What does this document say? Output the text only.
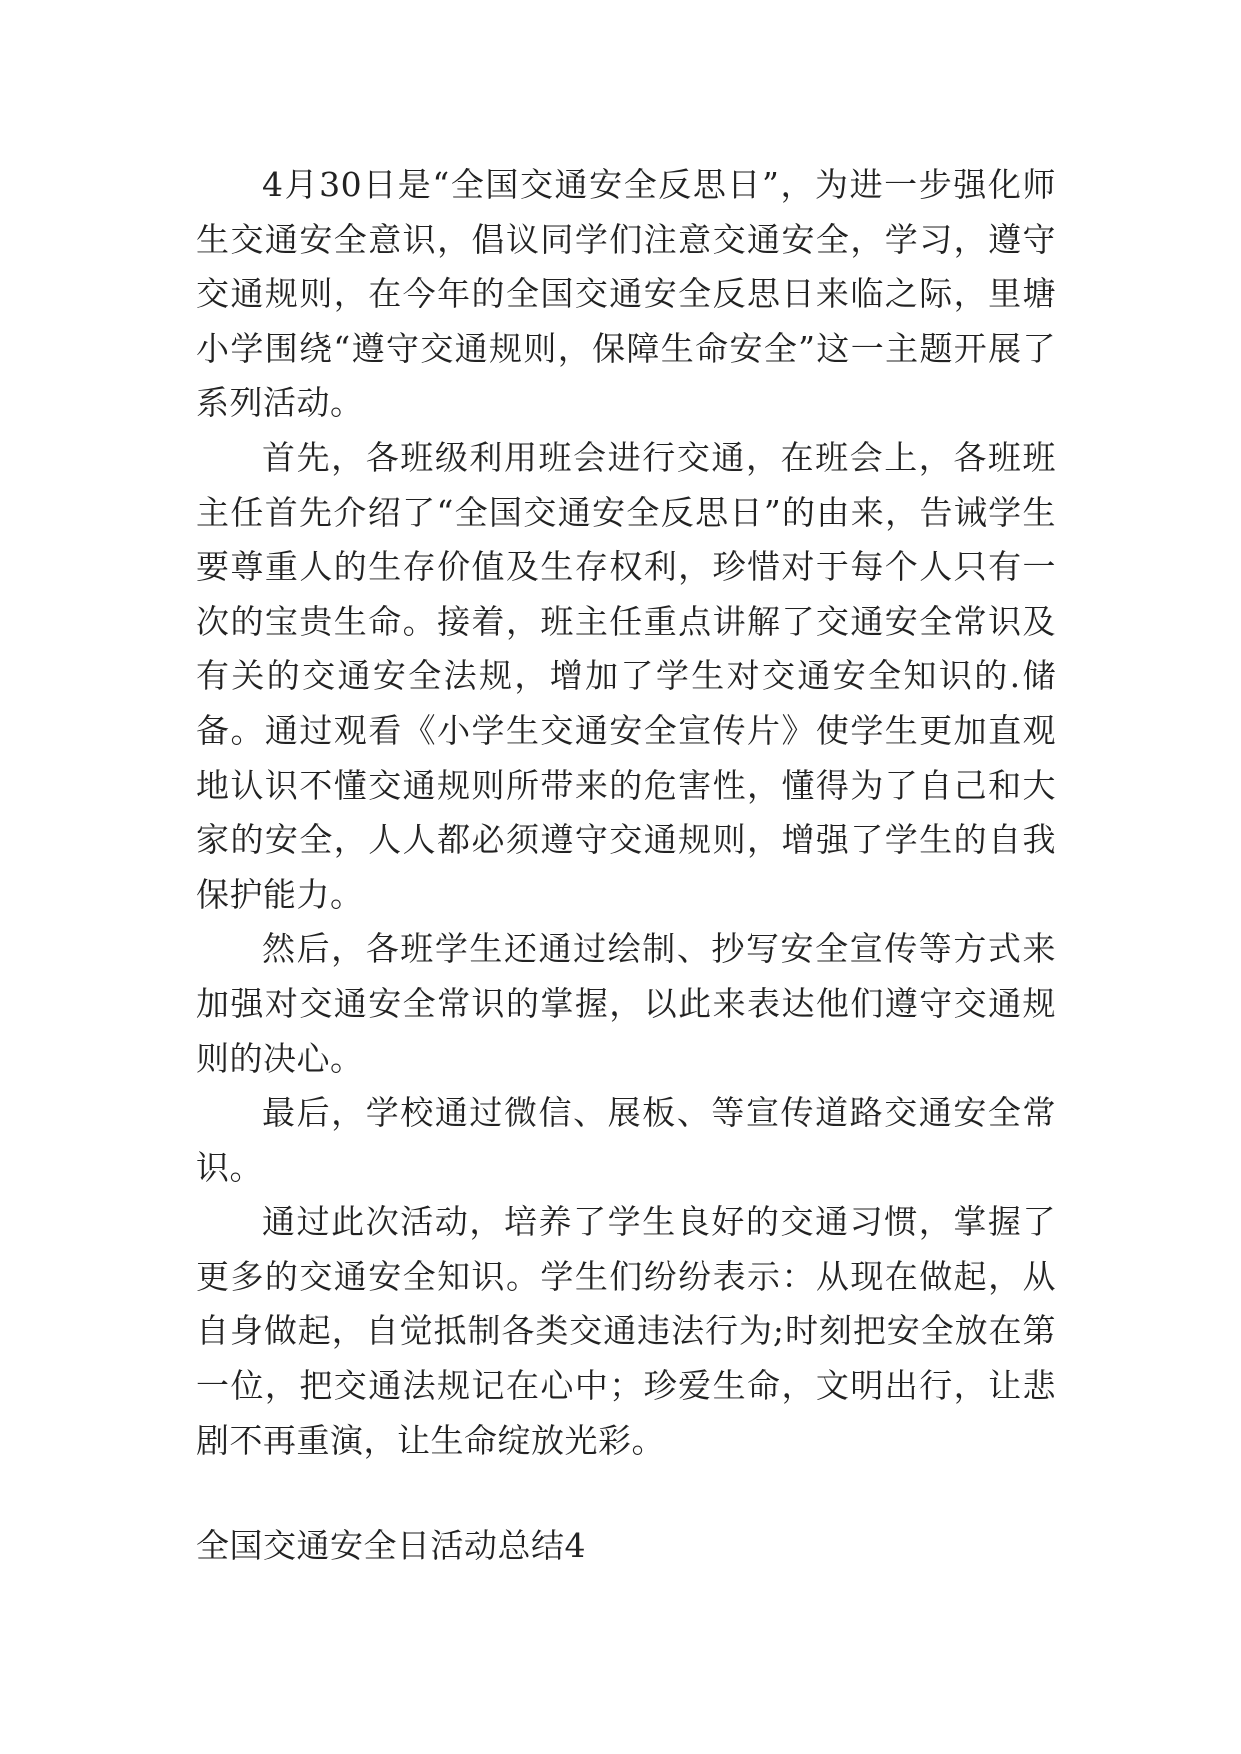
4月30日是“全国交通安全反思日”，为进一步强化师生交通安全意识，倡议同学们注意交通安全，学习，遵守交通规则，在今年的全国交通安全反思日来临之际，里塘小学围绕“遵守交通规则，保障生命安全”这一主题开展了系列活动。

首先，各班级利用班会进行交通，在班会上，各班班主任首先介绍了“全国交通安全反思日”的由来，告诫学生要尊重人的生存价值及生存权利，珍惜对于每个人只有一次的宝贵生命。接着，班主任重点讲解了交通安全常识及有关的交通安全法规，增加了学生对交通安全知识的.储备。通过观看《小学生交通安全宣传片》使学生更加直观地认识不懂交通规则所带来的危害性，懂得为了自己和大家的安全，人人都必须遵守交通规则，增强了学生的自我保护能力。

然后，各班学生还通过绘制、抄写安全宣传等方式来加强对交通安全常识的掌握，以此来表达他们遵守交通规则的决心。

最后，学校通过微信、展板、等宣传道路交通安全常识。

通过此次活动，培养了学生良好的交通习惯，掌握了更多的交通安全知识。学生们纷纷表示：从现在做起，从自身做起，自觉抵制各类交通违法行为;时刻把安全放在第一位，把交通法规记在心中；珍爱生命，文明出行，让悲剧不再重演，让生命绽放光彩。

全国交通安全日活动总结4
